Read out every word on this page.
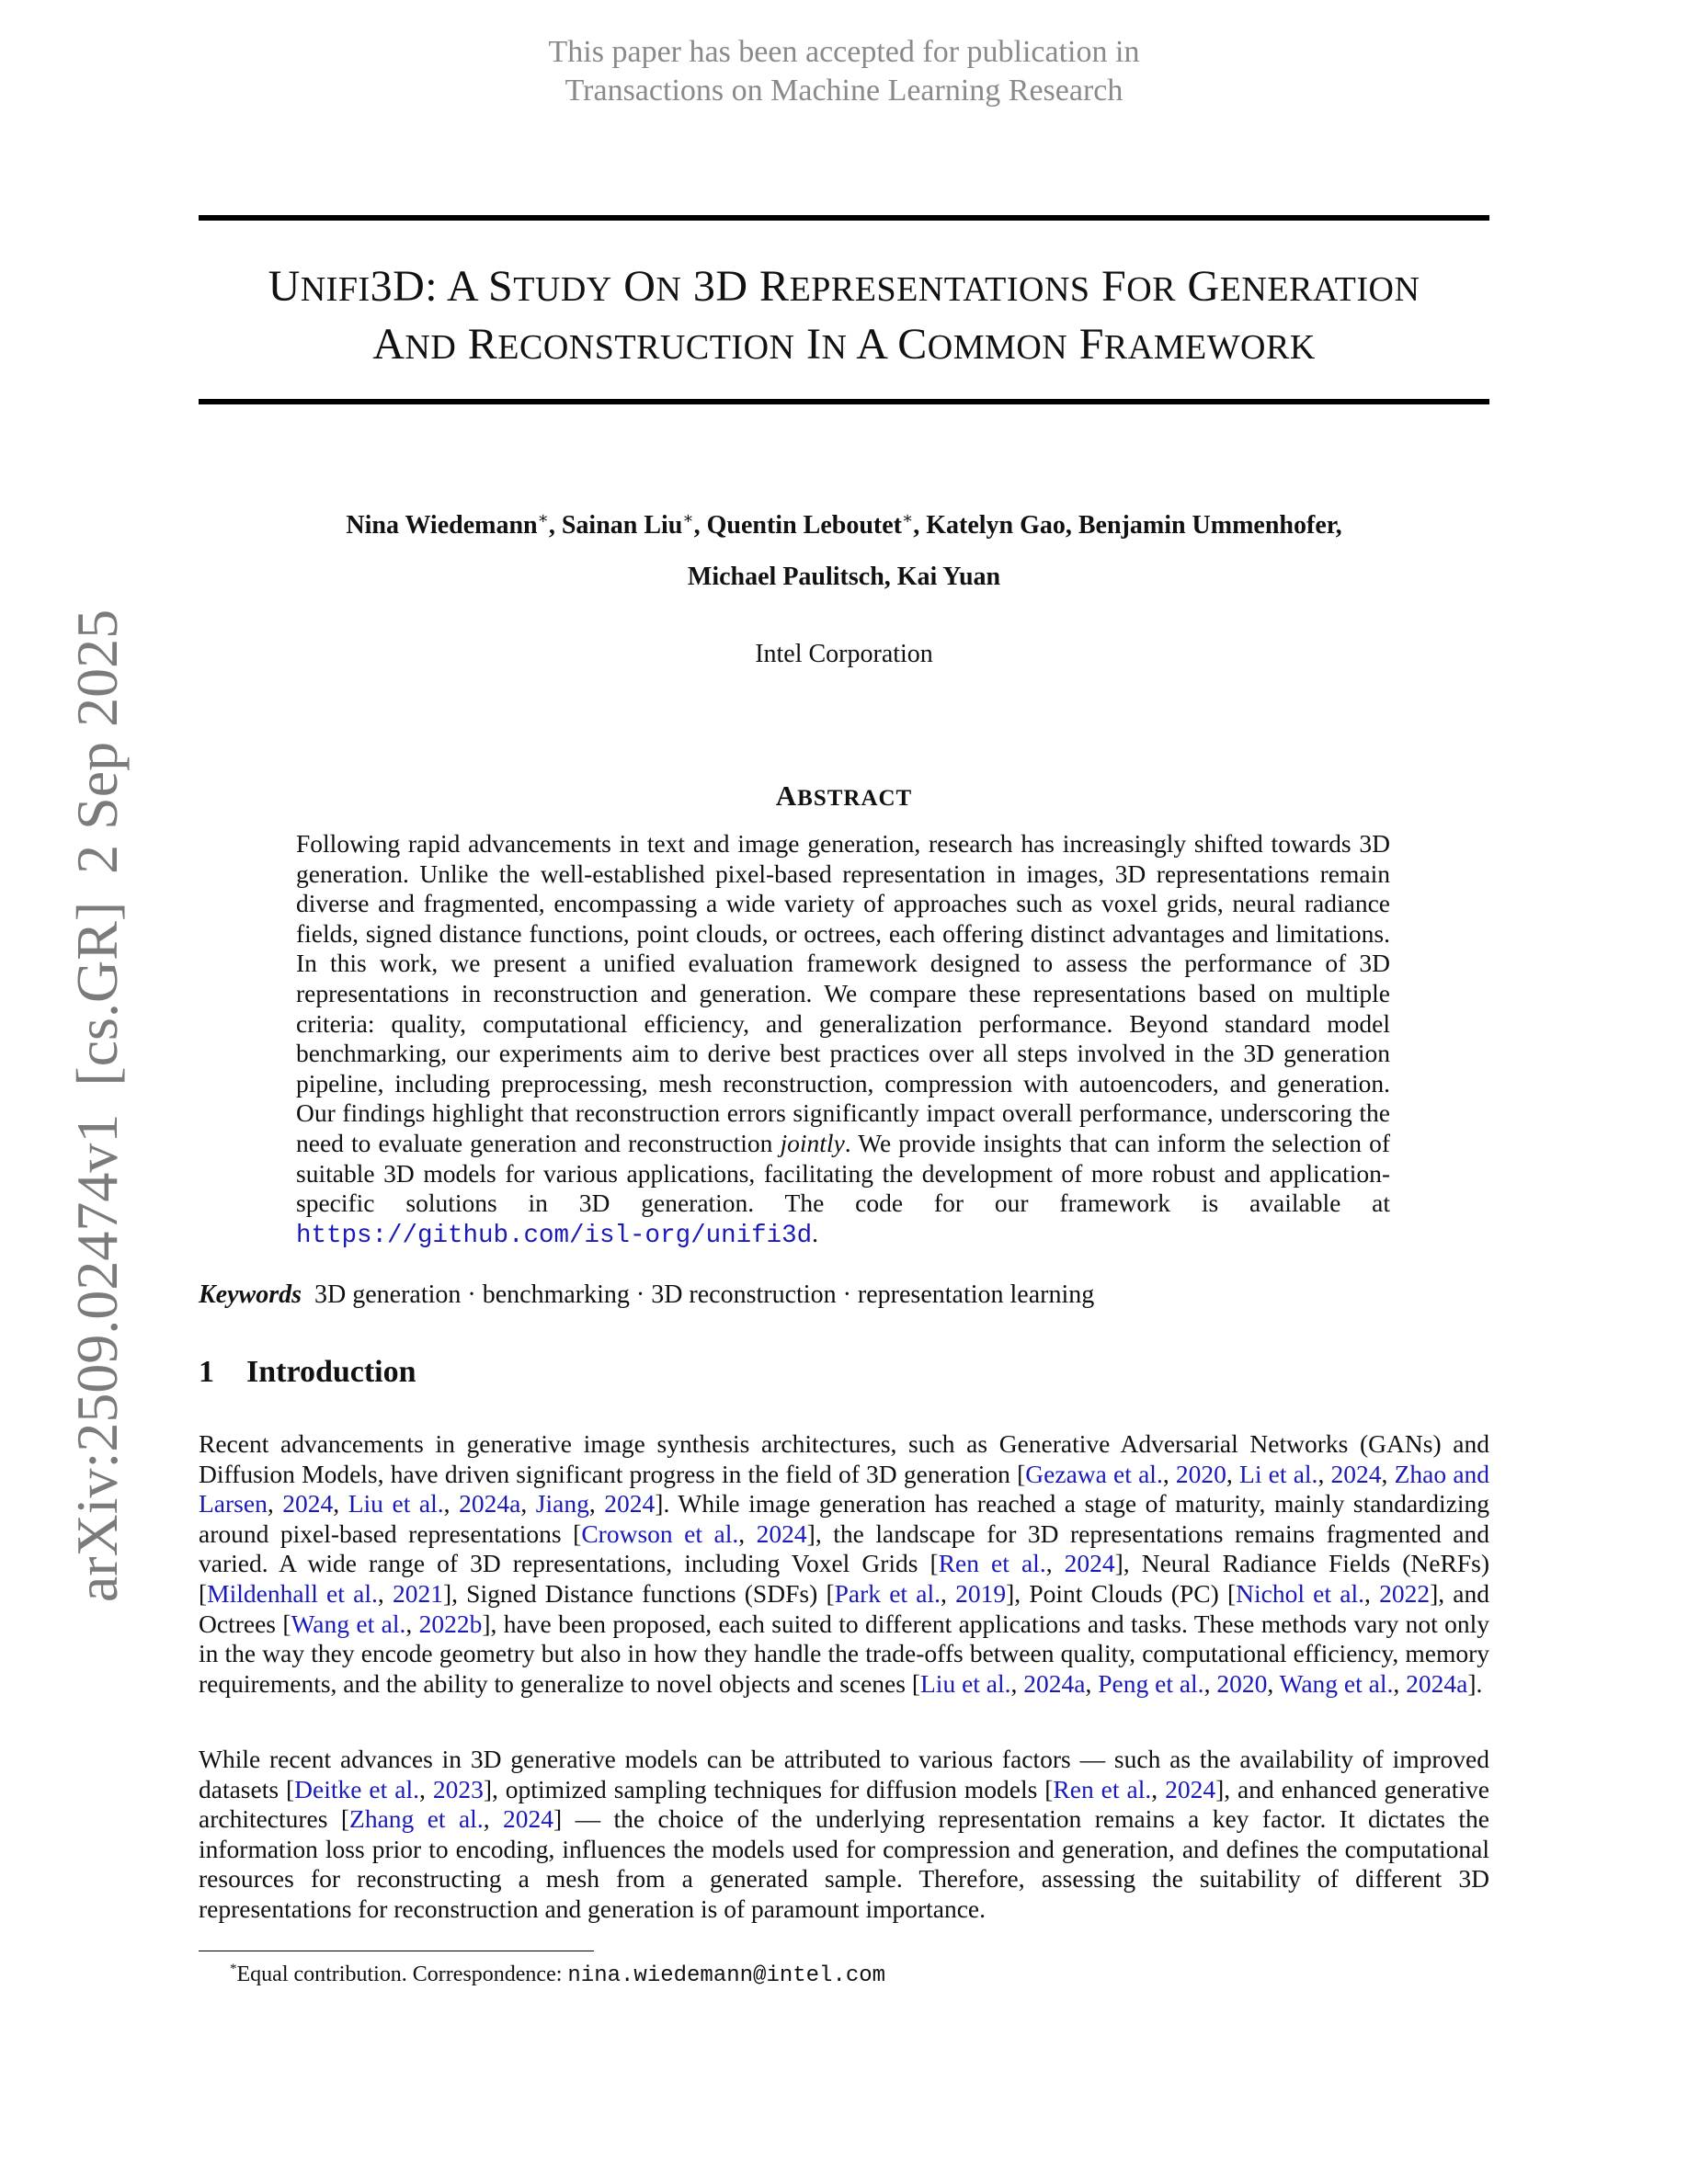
This paper has been accepted for publication in
Transactions on Machine Learning Research
arXiv:2509.02474v1[cs.GR]2 Sep 2025
UNIFI3D: A STUDY ON 3D REPRESENTATIONS FOR GENERATION
AND RECONSTRUCTION IN A COMMON FRAMEWORK
Nina Wiedemann∗, Sainan Liu∗, Quentin Leboutet∗, Katelyn Gao, Benjamin Ummenhofer,
Michael Paulitsch, Kai Yuan
Intel Corporation
ABSTRACT
Following rapid advancements in text and image generation, research has increasingly shifted towards 3D generation. Unlike the well-established pixel-based representation in images, 3D representations remain diverse and fragmented, encompassing a wide variety of approaches such as voxel grids, neural radiance fields, signed distance functions, point clouds, or octrees, each offering distinct advantages and limitations. In this work, we present a unified evaluation framework designed to assess the performance of 3D representations in reconstruction and generation. We compare these representations based on multiple criteria: quality, computational efficiency, and generalization performance. Beyond standard model benchmarking, our experiments aim to derive best practices over all steps involved in the 3D generation pipeline, including preprocessing, mesh reconstruction, compression with autoencoders, and generation. Our findings highlight that reconstruction errors significantly impact overall performance, underscoring the need to evaluate generation and reconstruction jointly. We provide insights that can inform the selection of suitable 3D models for various applications, facilitating the development of more robust and application-specific solutions in 3D generation. The code for our framework is available at https://github.com/isl-org/unifi3d.
Keywords 3D generation · benchmarking · 3D reconstruction · representation learning
1 Introduction
Recent advancements in generative image synthesis architectures, such as Generative Adversarial Networks (GANs) and Diffusion Models, have driven significant progress in the field of 3D generation [Gezawa et al., 2020, Li et al., 2024, Zhao and Larsen, 2024, Liu et al., 2024a, Jiang, 2024]. While image generation has reached a stage of maturity, mainly standardizing around pixel-based representations [Crowson et al., 2024], the landscape for 3D representations remains fragmented and varied. A wide range of 3D representations, including Voxel Grids [Ren et al., 2024], Neural Radiance Fields (NeRFs) [Mildenhall et al., 2021], Signed Distance functions (SDFs) [Park et al., 2019], Point Clouds (PC) [Nichol et al., 2022], and Octrees [Wang et al., 2022b], have been proposed, each suited to different applications and tasks. These methods vary not only in the way they encode geometry but also in how they handle the trade-offs between quality, computational efficiency, memory requirements, and the ability to generalize to novel objects and scenes [Liu et al., 2024a, Peng et al., 2020, Wang et al., 2024a].
While recent advances in 3D generative models can be attributed to various factors — such as the availability of improved datasets [Deitke et al., 2023], optimized sampling techniques for diffusion models [Ren et al., 2024], and enhanced generative architectures [Zhang et al., 2024] — the choice of the underlying representation remains a key factor. It dictates the information loss prior to encoding, influences the models used for compression and generation, and defines the computational resources for reconstructing a mesh from a generated sample. Therefore, assessing the suitability of different 3D representations for reconstruction and generation is of paramount importance.
*Equal contribution. Correspondence: nina.wiedemann@intel.com
